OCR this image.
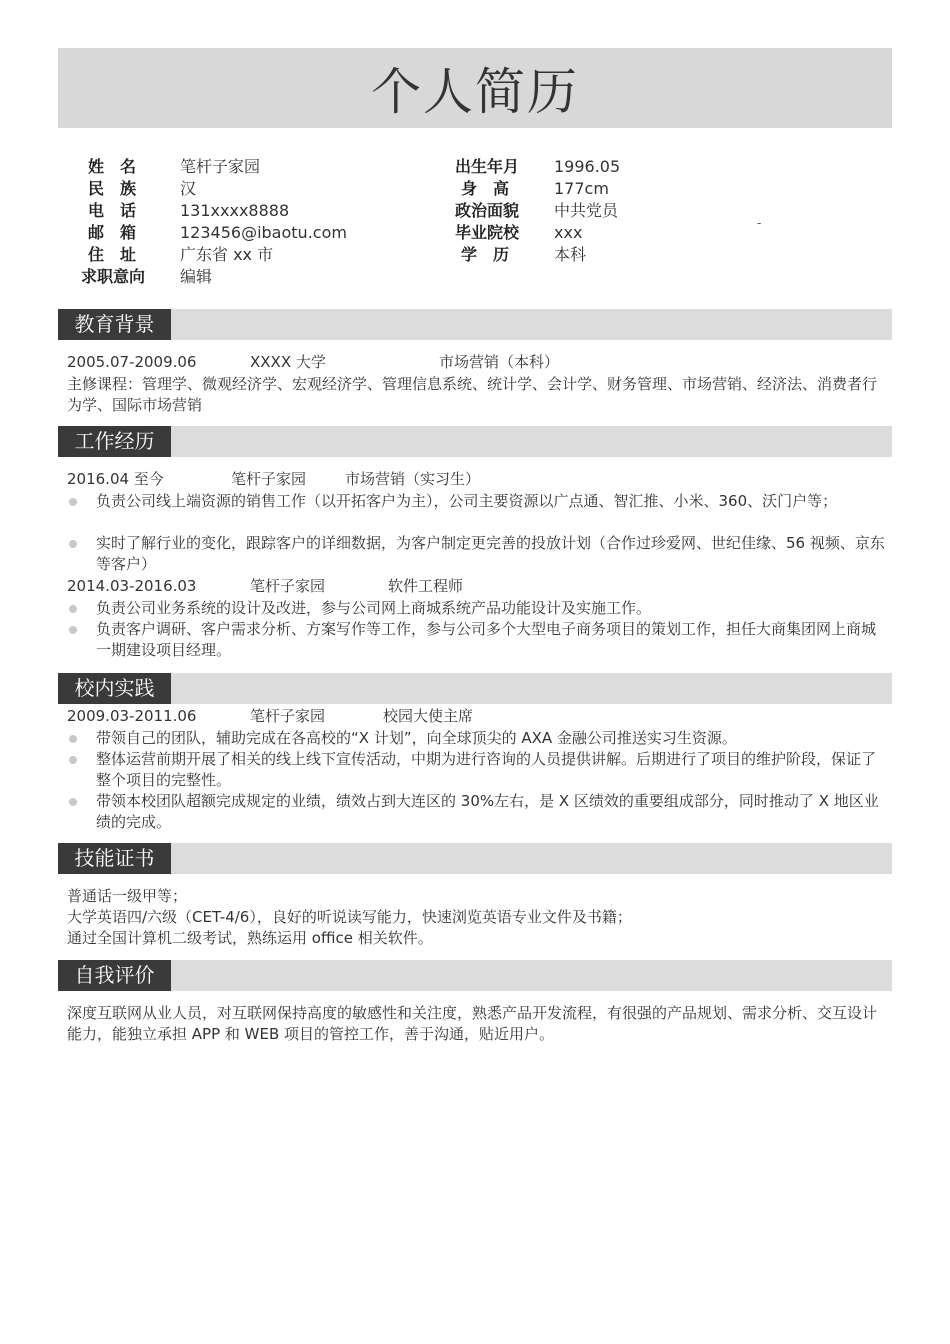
个人简历
姓　名	笔杆子家园	出生年月 1996.05
民　族	汉	身　高	177cm
电　话	131xxxx8888	政治面貌 中共党员
邮　箱	123456@ibaotu.com	毕业院校 xxx
住　址	广东省 xx 市	学　历	本科
求职意向 编辑
-
教育背景
2005.07-2009.06	XXXX 大学	市场营销（本科）
主修课程：管理学、微观经济学、宏观经济学、管理信息系统、统计学、会计学、财务管理、市场营销、经济法、消费者行为学、国际市场营销
工作经历
2016.04 至今	笔杆子家园	市场营销（实习生）
负责公司线上端资源的销售工作（以开拓客户为主），公司主要资源以广点通、智汇推、小米、360、沃门户等；
实时了解行业的变化，跟踪客户的详细数据，为客户制定更完善的投放计划（合作过珍爱网、世纪佳缘、56 视频、京东等客户）
2014.03-2016.03	笔杆子家园	软件工程师
负责公司业务系统的设计及改进，参与公司网上商城系统产品功能设计及实施工作。
负责客户调研、客户需求分析、方案写作等工作，参与公司多个大型电子商务项目的策划工作，担任大商集团网上商城一期建设项目经理。
校内实践
2009.03-2011.06	笔杆子家园	校园大使主席
带领自己的团队，辅助完成在各高校的“X 计划”，向全球顶尖的 AXA 金融公司推送实习生资源。
整体运营前期开展了相关的线上线下宣传活动，中期为进行咨询的人员提供讲解。后期进行了项目的维护阶段，保证了整个项目的完整性。
带领本校团队超额完成规定的业绩，绩效占到大连区的 30%左右，是 X 区绩效的重要组成部分，同时推动了 X 地区业绩的完成。
技能证书
普通话一级甲等；
大学英语四/六级（CET-4/6），良好的听说读写能力，快速浏览英语专业文件及书籍；
通过全国计算机二级考试，熟练运用 office 相关软件。
自我评价
深度互联网从业人员，对互联网保持高度的敏感性和关注度，熟悉产品开发流程，有很强的产品规划、需求分析、交互设计能力，能独立承担 APP 和 WEB 项目的管控工作，善于沟通，贴近用户。
